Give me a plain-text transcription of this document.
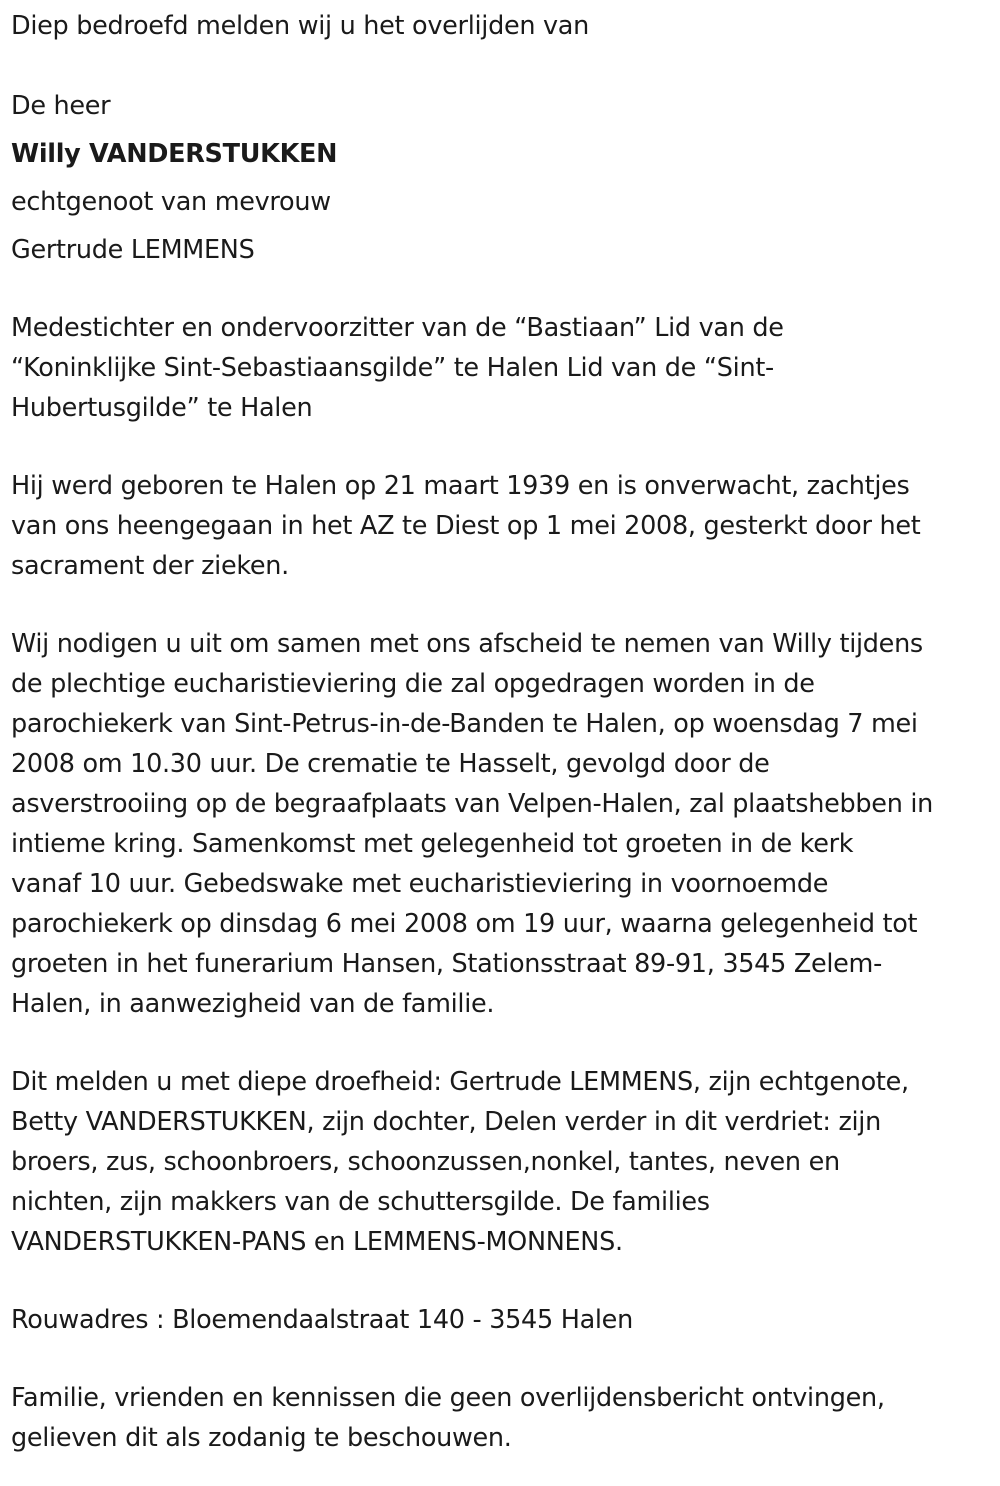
Diep bedroefd melden wij u het overlijden van

De heer

Willy VANDERSTUKKEN

echtgenoot van mevrouw

Gertrude LEMMENS

Medestichter en ondervoorzitter van de “Bastiaan” Lid van de

“Koninklijke Sint-Sebastiaansgilde” te Halen Lid van de “Sint-

Hubertusgilde” te Halen

Hij werd geboren te Halen op 21 maart 1939 en is onverwacht, zachtjes

van ons heengegaan in het AZ te Diest op 1 mei 2008, gesterkt door het

sacrament der zieken.

Wij nodigen u uit om samen met ons afscheid te nemen van Willy tijdens

de plechtige eucharistieviering die zal opgedragen worden in de

parochiekerk van Sint-Petrus-in-de-Banden te Halen, op woensdag 7 mei

2008 om 10.30 uur. De crematie te Hasselt, gevolgd door de

asverstrooiing op de begraafplaats van Velpen-Halen, zal plaatshebben in

intieme kring. Samenkomst met gelegenheid tot groeten in de kerk

vanaf 10 uur. Gebedswake met eucharistieviering in voornoemde

parochiekerk op dinsdag 6 mei 2008 om 19 uur, waarna gelegenheid tot

groeten in het funerarium Hansen, Stationsstraat 89-91, 3545 Zelem-

Halen, in aanwezigheid van de familie.

Dit melden u met diepe droefheid: Gertrude LEMMENS, zijn echtgenote,

Betty VANDERSTUKKEN, zijn dochter, Delen verder in dit verdriet: zijn

broers, zus, schoonbroers, schoonzussen,nonkel, tantes, neven en

nichten, zijn makkers van de schuttersgilde. De families

VANDERSTUKKEN-PANS en LEMMENS-MONNENS.

Rouwadres : Bloemendaalstraat 140 - 3545 Halen

Familie, vrienden en kennissen die geen overlijdensbericht ontvingen,

gelieven dit als zodanig te beschouwen.
